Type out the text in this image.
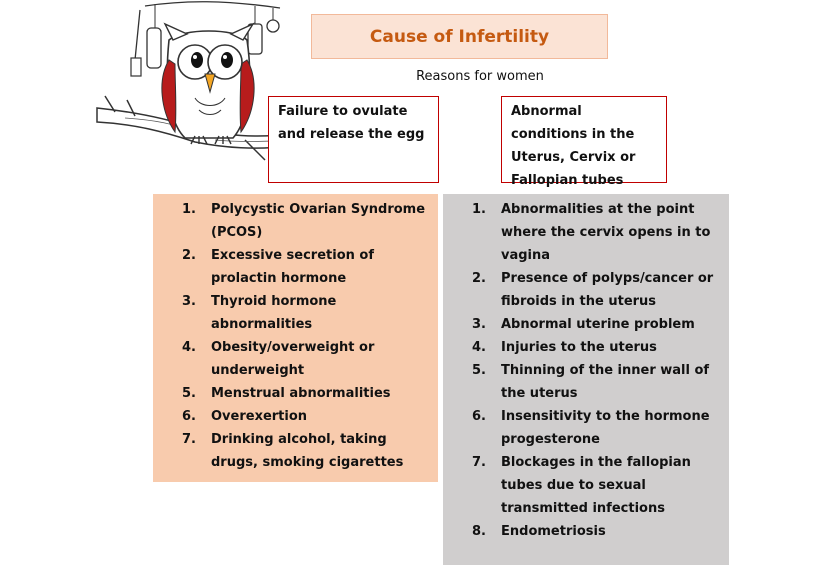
Cause of Infertility
Reasons for women
Failure to ovulate and release the egg
Abnormal conditions in the Uterus, Cervix or Fallopian tubes
1.	Polycystic Ovarian Syndrome (PCOS)
2.	Excessive secretion of prolactin hormone
3.	Thyroid hormone abnormalities
4.	Obesity/overweight or underweight
5.	Menstrual abnormalities
6.	Overexertion
7.	Drinking alcohol, taking drugs, smoking cigarettes
1.	Abnormalities at the point where the cervix opens in to vagina
2.	Presence of polyps/cancer or fibroids in the uterus
3.	Abnormal uterine problem
4.	Injuries to the uterus
5.	Thinning of the inner wall of the uterus
6.	Insensitivity to the hormone progesterone
7.	Blockages in the fallopian tubes due to sexual transmitted infections
8.	Endometriosis
